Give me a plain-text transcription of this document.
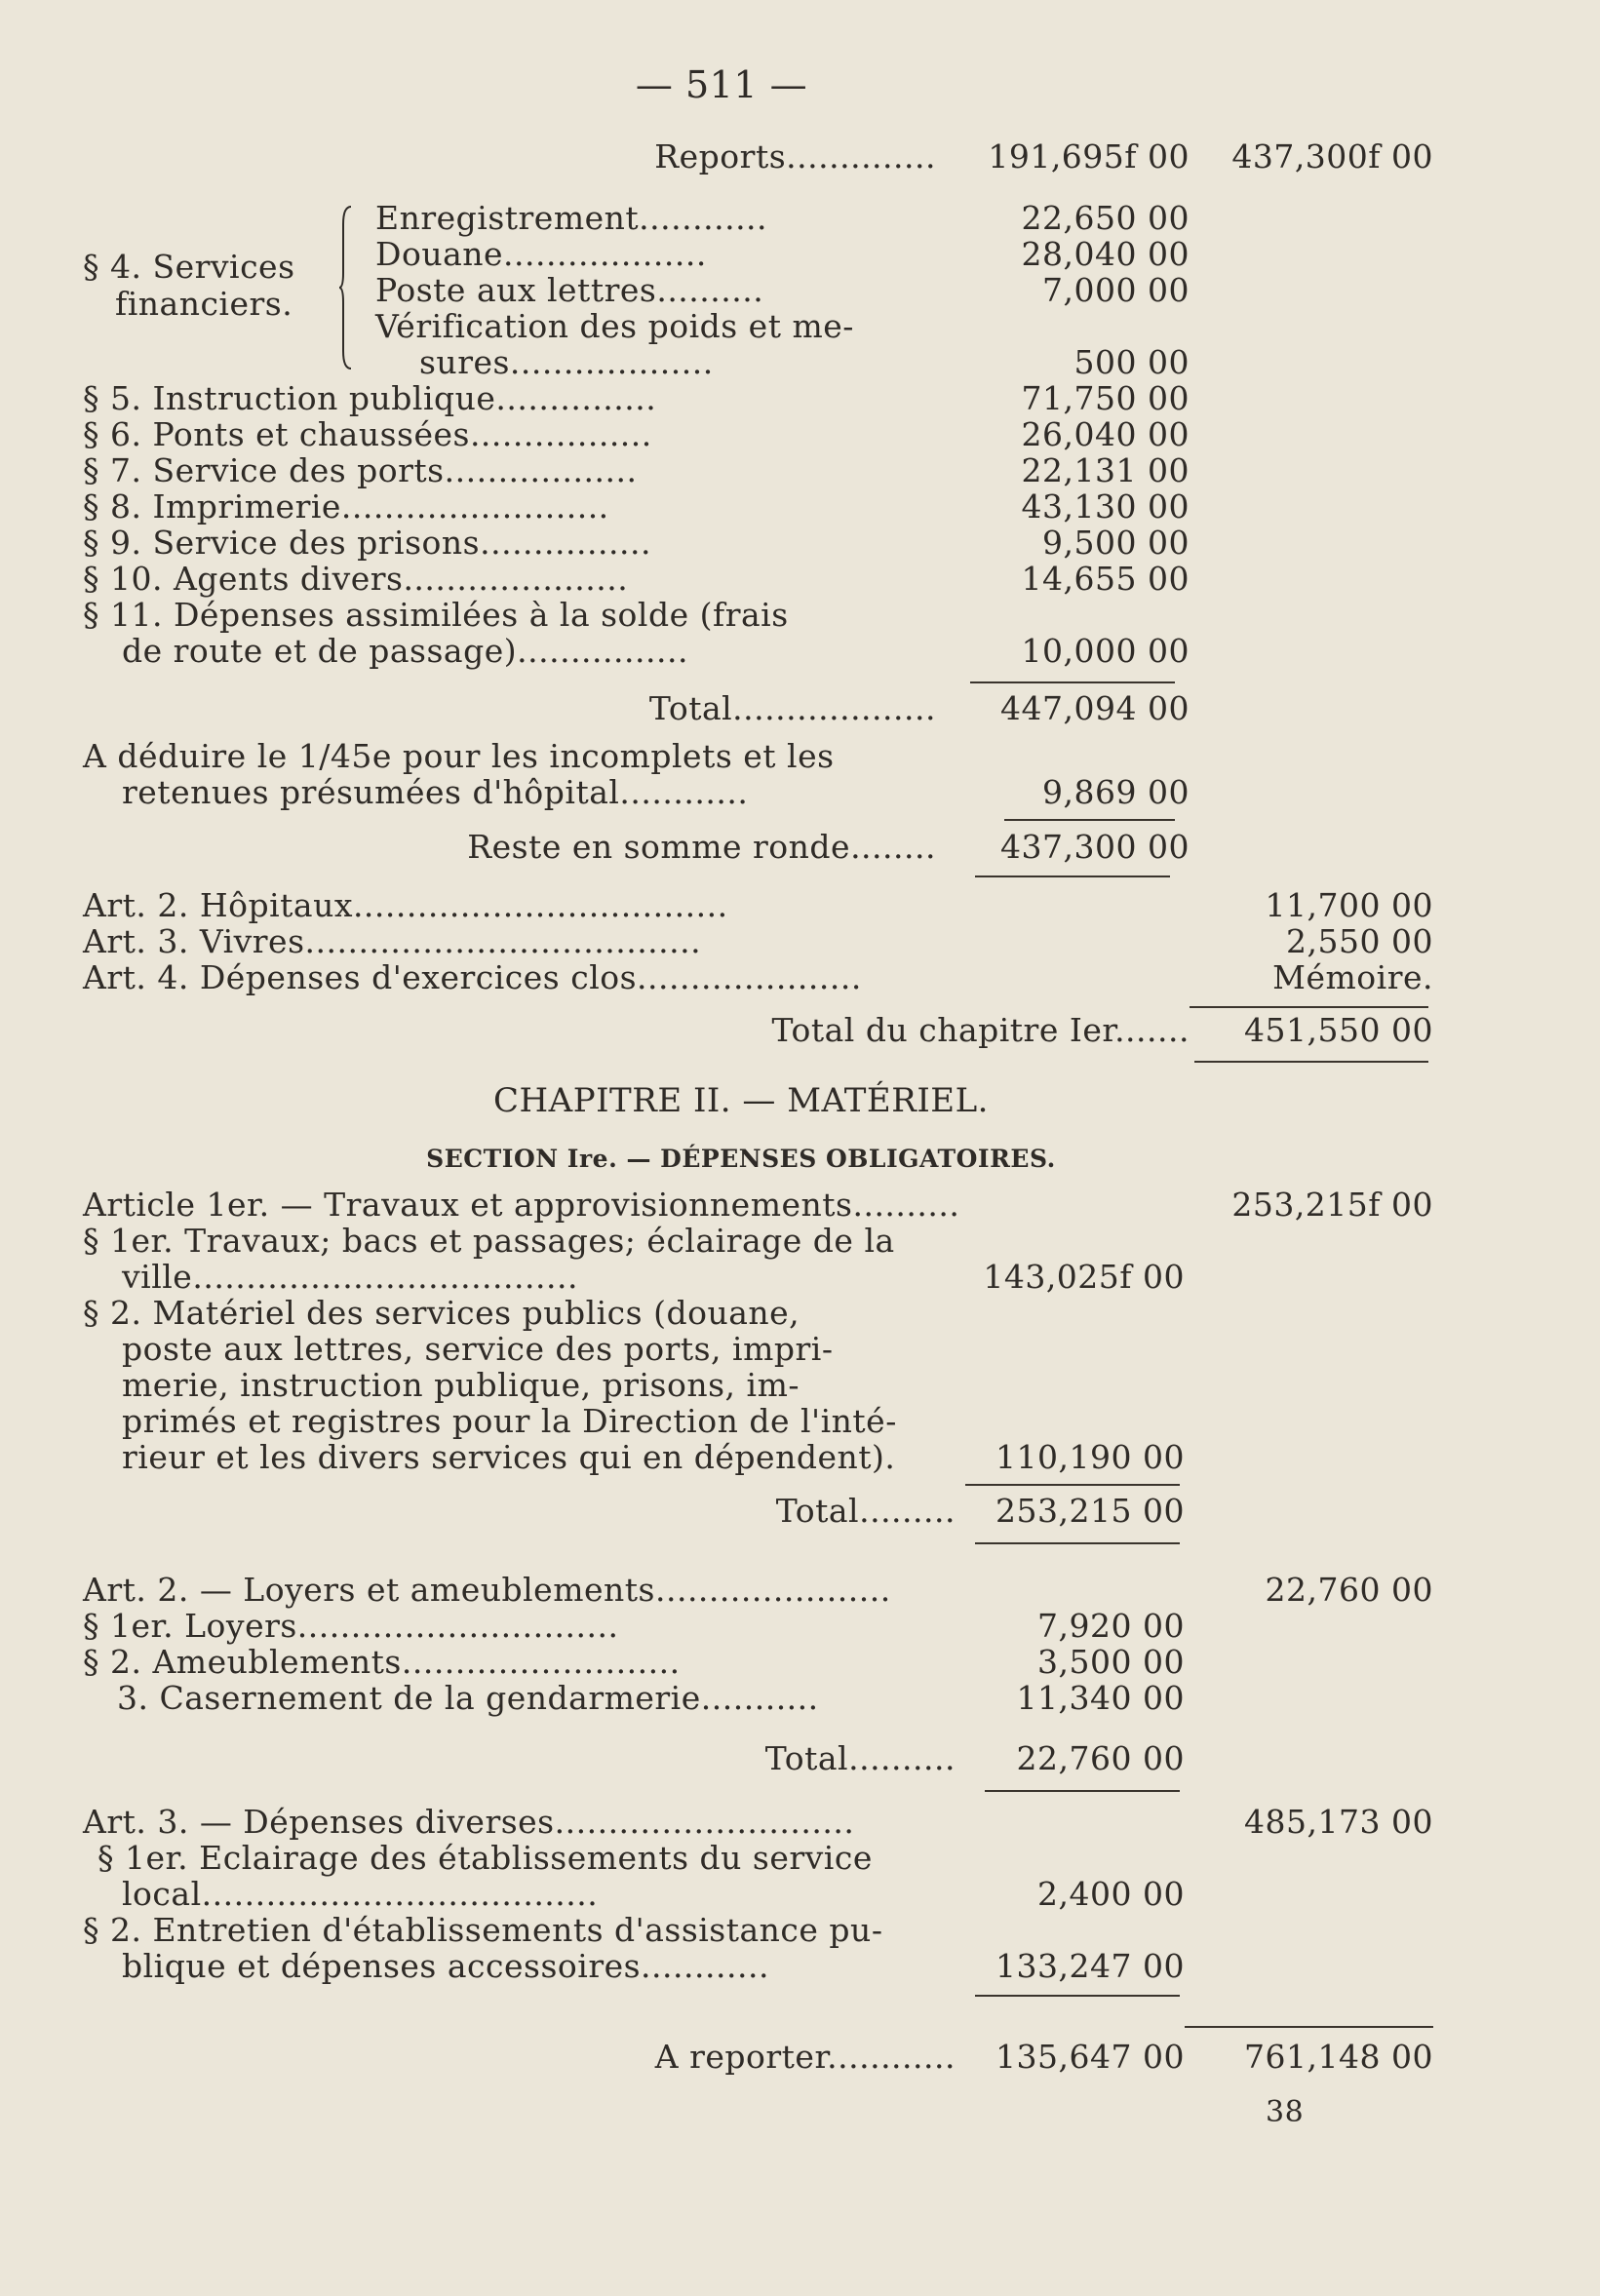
— 511 —
Reports..............	191,695f 00	437,300f 00
§ 4. Services
financiers.
Enregistrement............	22,650 00
Douane...................	28,040 00
Poste aux lettres..........	7,000 00
Vérification des poids et me-
sures...................	500 00
§ 5. Instruction publique...............	71,750 00
§ 6. Ponts et chaussées.................	26,040 00
§ 7. Service des ports..................	22,131 00
§ 8. Imprimerie.........................	43,130 00
§ 9. Service des prisons................	9,500 00
§ 10. Agents divers.....................	14,655 00
§ 11. Dépenses assimilées à la solde (frais
de route et de passage)................	10,000 00
Total...................	447,094 00
A déduire le 1/45e pour les incomplets et les
retenues présumées d'hôpital............	9,869 00
Reste en somme ronde........	437,300 00
Art. 2. Hôpitaux...................................	11,700 00
Art. 3. Vivres.....................................	2,550 00
Art. 4. Dépenses d'exercices clos.....................	Mémoire.
Total du chapitre Ier.......	451,550 00
CHAPITRE II. — MATÉRIEL.
SECTION Ire. — DÉPENSES OBLIGATOIRES.
Article 1er. — Travaux et approvisionnements..........	253,215f 00
§ 1er. Travaux; bacs et passages; éclairage de la
ville....................................	143,025f 00
§ 2. Matériel des services publics (douane,
poste aux lettres, service des ports, impri-
merie, instruction publique, prisons, im-
primés et registres pour la Direction de l'inté-
rieur et les divers services qui en dépendent).	110,190 00
Total.........	253,215 00
Art. 2. — Loyers et ameublements......................	22,760 00
§ 1er. Loyers..............................	7,920 00
§ 2. Ameublements..........................	3,500 00
3. Casernement de la gendarmerie...........	11,340 00
Total..........	22,760 00
Art. 3. — Dépenses diverses............................	485,173 00
§ 1er. Eclairage des établissements du service
local.....................................	2,400 00
§ 2. Entretien d'établissements d'assistance pu-
blique et dépenses accessoires............	133,247 00
A reporter............	135,647 00	761,148 00
38
